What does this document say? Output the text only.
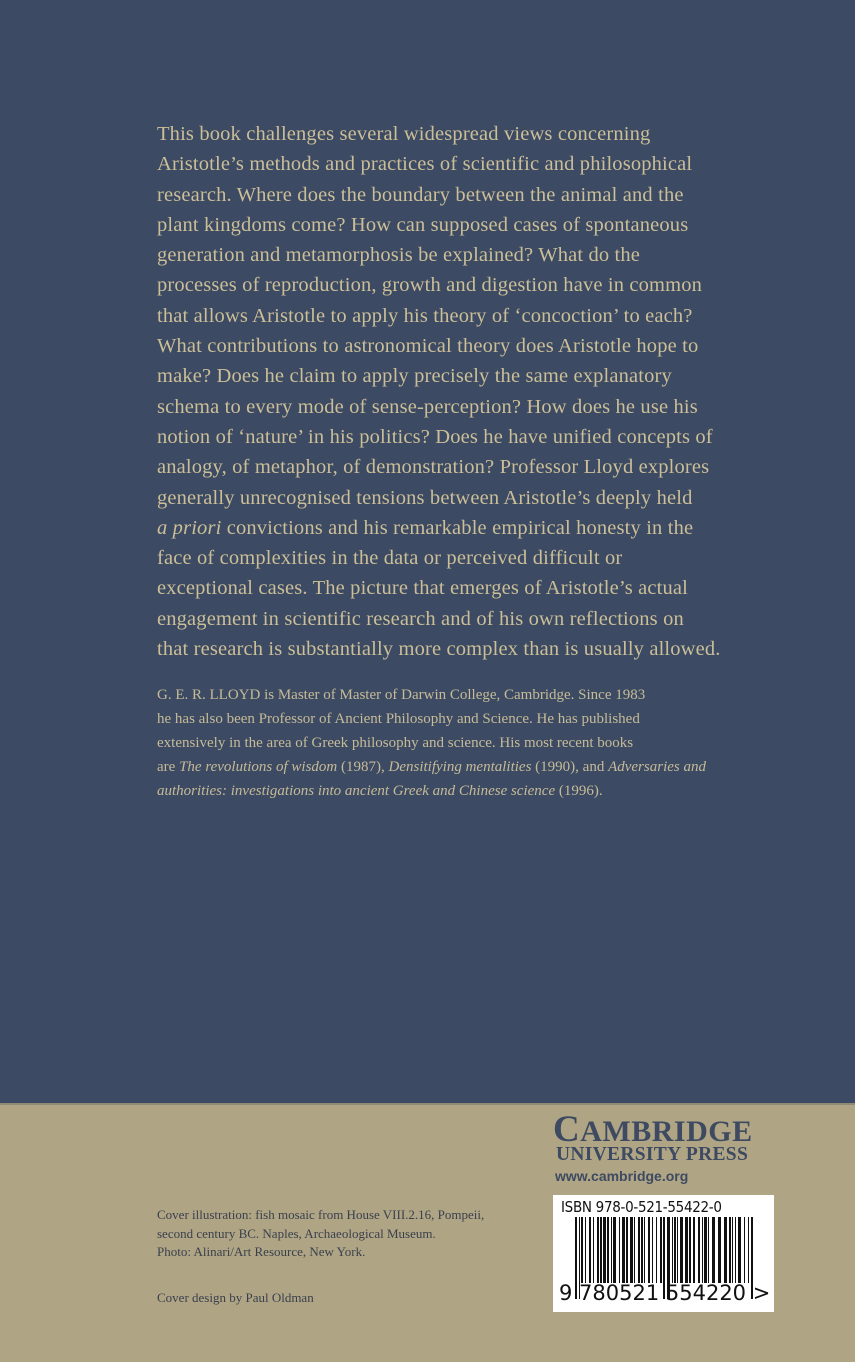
This book challenges several widespread views concerning
Aristotle’s methods and practices of scientific and philosophical
research. Where does the boundary between the animal and the
plant kingdoms come? How can supposed cases of spontaneous
generation and metamorphosis be explained? What do the
processes of reproduction, growth and digestion have in common
that allows Aristotle to apply his theory of ‘concoction’ to each?
What contributions to astronomical theory does Aristotle hope to
make? Does he claim to apply precisely the same explanatory
schema to every mode of sense-perception? How does he use his
notion of ‘nature’ in his politics? Does he have unified concepts of
analogy, of metaphor, of demonstration? Professor Lloyd explores
generally unrecognised tensions between Aristotle’s deeply held
a priori convictions and his remarkable empirical honesty in the
face of complexities in the data or perceived difficult or
exceptional cases. The picture that emerges of Aristotle’s actual
engagement in scientific research and of his own reflections on
that research is substantially more complex than is usually allowed.
G. E. R. LLOYD is Master of Master of Darwin College, Cambridge. Since 1983
he has also been Professor of Ancient Philosophy and Science. He has published
extensively in the area of Greek philosophy and science. His most recent books
are The revolutions of wisdom (1987), Densitifying mentalities (1990), and Adversaries and
authorities: investigations into ancient Greek and Chinese science (1996).
CAMBRIDGE
UNIVERSITY PRESS
www.cambridge.org
ISBN 978-0-521-55422-0
9 780521 554220 >
Cover illustration: fish mosaic from House VIII.2.16, Pompeii,
second century BC. Naples, Archaeological Museum.
Photo: Alinari/Art Resource, New York.
Cover design by Paul Oldman
